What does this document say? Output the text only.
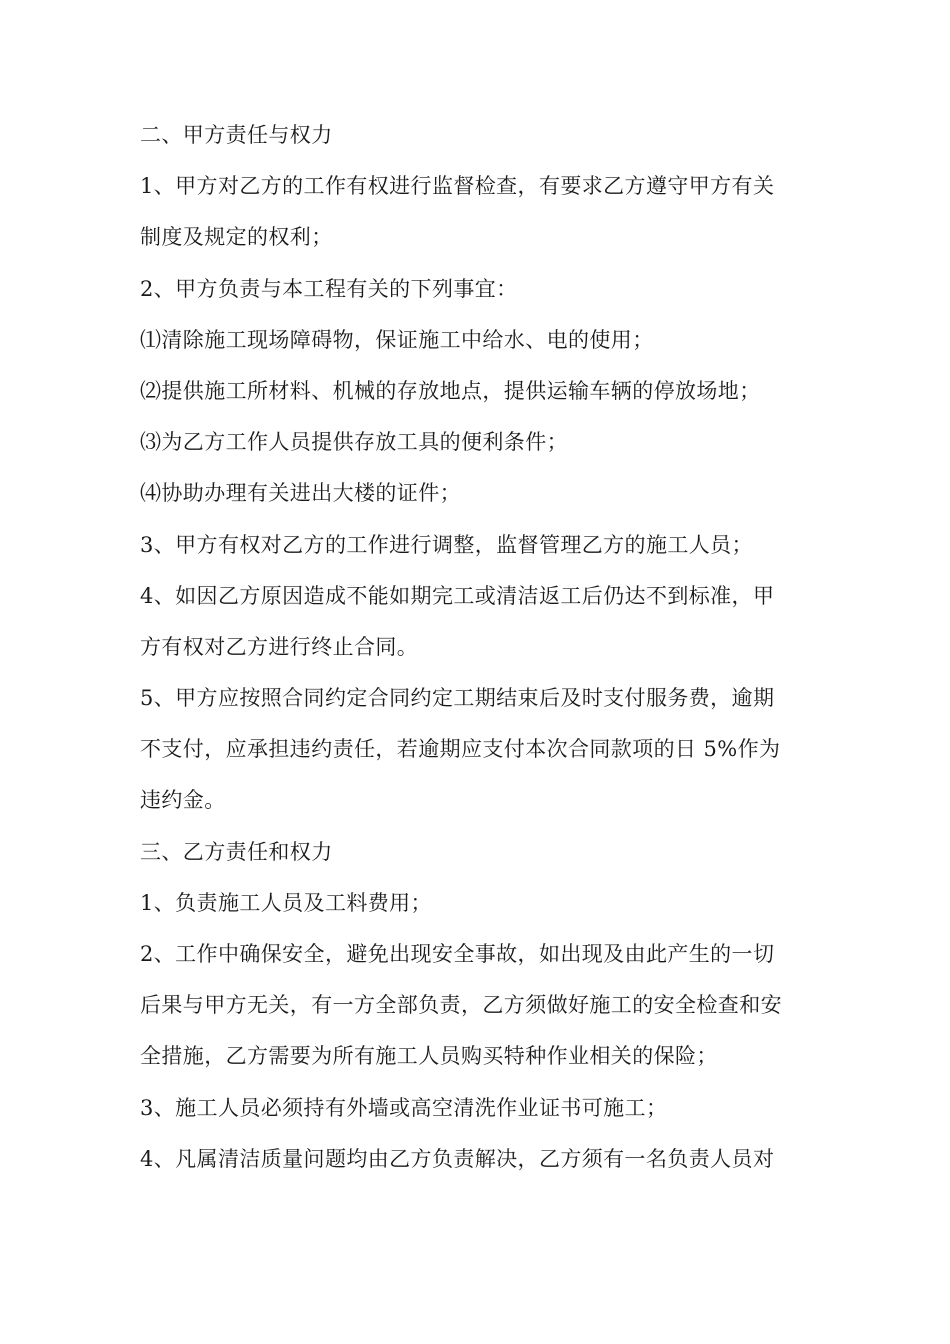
二、甲方责任与权力
1、甲方对乙方的工作有权进行监督检查，有要求乙方遵守甲方有关
制度及规定的权利；
2、甲方负责与本工程有关的下列事宜：
⑴清除施工现场障碍物，保证施工中给水、电的使用；
⑵提供施工所材料、机械的存放地点，提供运输车辆的停放场地；
⑶为乙方工作人员提供存放工具的便利条件；
⑷协助办理有关进出大楼的证件；
3、甲方有权对乙方的工作进行调整，监督管理乙方的施工人员；
4、如因乙方原因造成不能如期完工或清洁返工后仍达不到标准，甲
方有权对乙方进行终止合同。
5、甲方应按照合同约定合同约定工期结束后及时支付服务费，逾期
不支付，应承担违约责任，若逾期应支付本次合同款项的日 5%作为
违约金。
三、乙方责任和权力
1、负责施工人员及工料费用；
2、工作中确保安全，避免出现安全事故，如出现及由此产生的一切
后果与甲方无关，有一方全部负责，乙方须做好施工的安全检查和安
全措施，乙方需要为所有施工人员购买特种作业相关的保险；
3、施工人员必须持有外墙或高空清洗作业证书可施工；
4、凡属清洁质量问题均由乙方负责解决，乙方须有一名负责人员对
